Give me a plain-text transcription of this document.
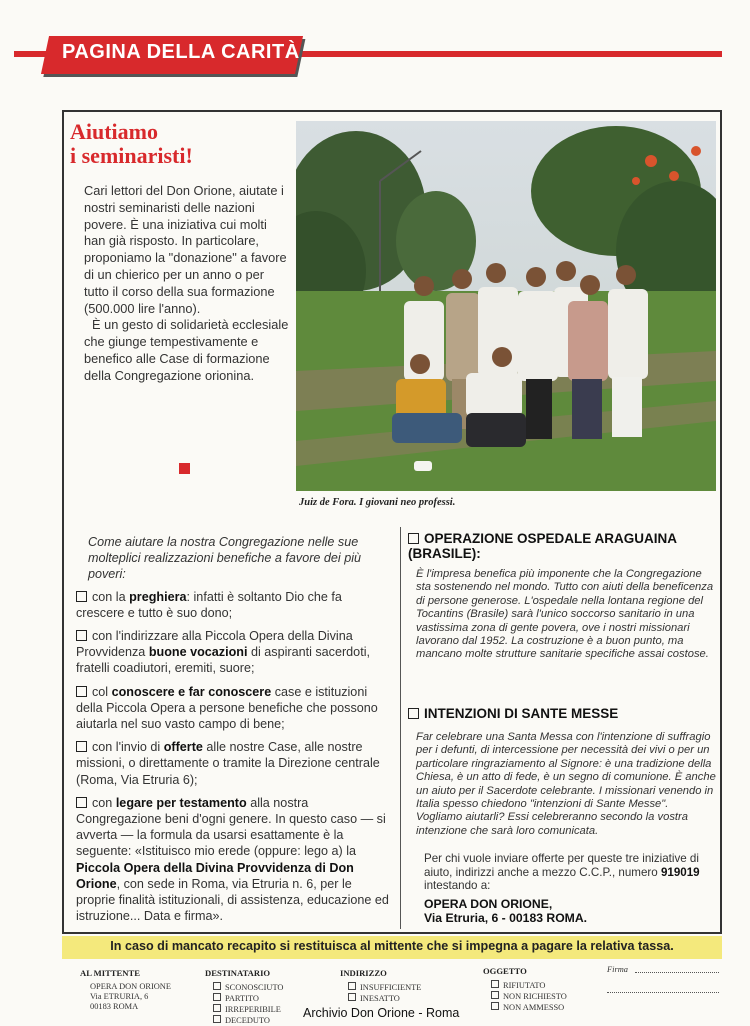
PAGINA DELLA CARITÀ
Aiutiamo
i seminaristi!

Cari lettori del Don Orione, aiutate i nostri seminaristi delle nazioni povere. È una iniziativa cui molti han già risposto. In particolare, proponiamo la "donazione" a favore di un chierico per un anno o per tutto il corso della sua formazione (500.000 lire l'anno).

È un gesto di solidarietà ecclesiale che giunge tempestivamente e benefico alle Case di formazione della Congregazione orionina.

Juiz de Fora. I giovani neo professi.
Come aiutare la nostra Congregazione nelle sue molteplici realizzazioni benefiche a favore dei più poveri:
con la preghiera: infatti è soltanto Dio che fa crescere e tutto è suo dono;
con l'indirizzare alla Piccola Opera della Divina Provvidenza buone vocazioni di aspiranti sacerdoti, fratelli coadiutori, eremiti, suore;
col conoscere e far conoscere case e istituzioni della Piccola Opera a persone benefiche che possono aiutarla nel suo vasto campo di bene;
con l'invio di offerte alle nostre Case, alle nostre missioni, o direttamente o tramite la Direzione centrale (Roma, Via Etruria 6);
con legare per testamento alla nostra Congregazione beni d'ogni genere. In questo caso — si avverta — la formula da usarsi esattamente è la seguente: «Istituisco mio erede (oppure: lego a) la Piccola Opera della Divina Provvidenza di Don Orione, con sede in Roma, via Etruria n. 6, per le proprie finalità istituzionali, di assistenza, educazione ed istruzione... Data e firma».
OPERAZIONE OSPEDALE ARAGUAINA (BRASILE):
È l'impresa benefica più imponente che la Congregazione sta sostenendo nel mondo. Tutto con aiuti della beneficenza di persone generose. L'ospedale nella lontana regione del Tocantins (Brasile) sarà l'unico soccorso sanitario in una vastissima zona di gente povera, ove i nostri missionari lavorano dal 1952. La costruzione è a buon punto, ma mancano molte strutture sanitarie specifiche assai costose.
INTENZIONI DI SANTE MESSE
Far celebrare una Santa Messa con l'intenzione di suffragio per i defunti, di intercessione per necessità dei vivi o per un particolare ringraziamento al Signore: è una tradizione della Chiesa, è un atto di fede, è un segno di comunione. È anche un aiuto per il Sacerdote celebrante. I missionari venendo in Italia spesso chiedono "intenzioni di Sante Messe". Vogliamo aiutarli? Essi celebreranno secondo la vostra intenzione che sarà loro comunicata.
Per chi vuole inviare offerte per queste tre iniziative di aiuto, indirizzi anche a mezzo C.C.P., numero 919019 intestando a:
OPERA DON ORIONE,
Via Etruria, 6 - 00183 ROMA.
In caso di mancato recapito si restituisca al mittente che si impegna a pagare la relativa tassa.
AL MITTENTE
OPERA DON ORIONE
Via ETRURIA, 6
00183 ROMA
DESTINATARIO
SCONOSCIUTO
PARTITO
IRREPERIBILE
DECEDUTO
INDIRIZZO
INSUFFICIENTE
INESATTO
OGGETTO
RIFIUTATO
NON RICHIESTO
NON AMMESSO
Firma
Archivio Don Orione - Roma
